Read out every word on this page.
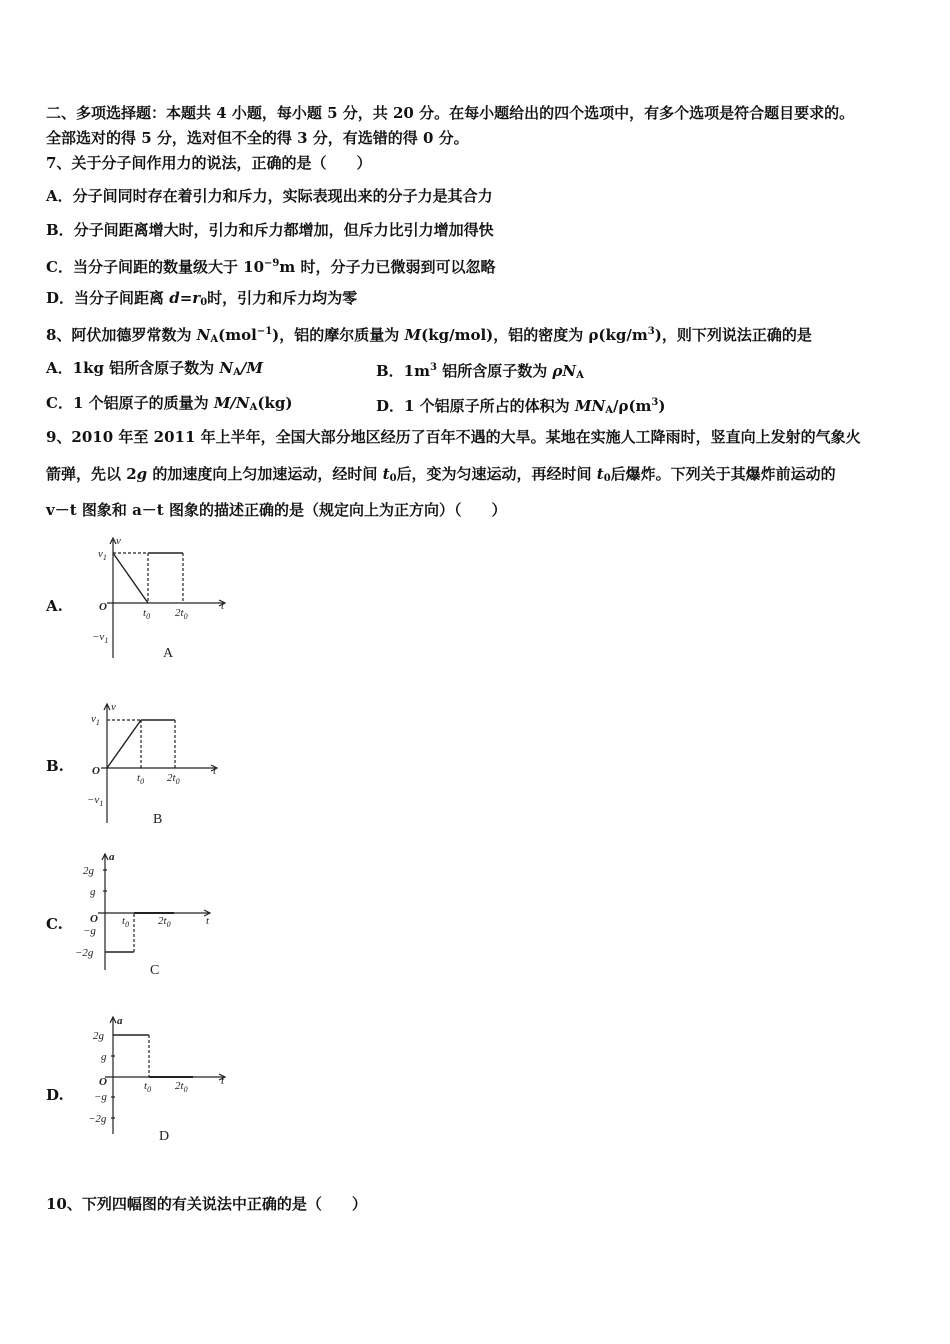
二、多项选择题：本题共 4 小题，每小题 5 分，共 20 分。在每小题给出的四个选项中，有多个选项是符合题目要求的。
全部选对的得 5 分，选对但不全的得 3 分，有选错的得 0 分。
7、关于分子间作用力的说法，正确的是（　　）
A．分子间同时存在着引力和斥力，实际表现出来的分子力是其合力
B．分子间距离增大时，引力和斥力都增加，但斥力比引力增加得快
C．当分子间距的数量级大于 $10^{-9}m$ 时，分子力已微弱到可以忽略
D．当分子间距离 $d=r_0$时，引力和斥力均为零
8、阿伏加德罗常数为 $N_A(mol^{-1})$，铝的摩尔质量为 M(kg/mol)，铝的密度为 $\rho(kg/m^3)$，则下列说法正确的是
A．1kg 铝所含原子数为 $N_A/M$	B．$1m^3$ 铝所含原子数为 $\rho N_A$
C．1 个铝原子的质量为 $M/N_A(kg)$	D．1 个铝原子所占的体积为 $MN_A/\rho(m^3)$
9、2010 年至 2011 年上半年，全国大部分地区经历了百年不遇的大旱。某地在实施人工降雨时，竖直向上发射的气象火
箭弹，先以 2g 的加速度向上匀加速运动，经时间 $t_0$后，变为匀速运动，再经时间 $t_0$后爆炸。下列关于其爆炸前运动的
v－t 图象和 a－t 图象的描述正确的是（规定向上为正方向）（　　）
A.
v
t
O
$v_1$
$-v_1$
$t_0$ $2t_0$
A
B.
v
t
O
$v_1$
$-v_1$
$t_0$ $2t_0$
B
C.
a
t
O
2g
g
−g
−2g
$t_0$	$2t_0$
C
D.
a
t
O
2g
g
−g
−2g
$t_0$ $2t_0$
D
10、下列四幅图的有关说法中正确的是（　　）
